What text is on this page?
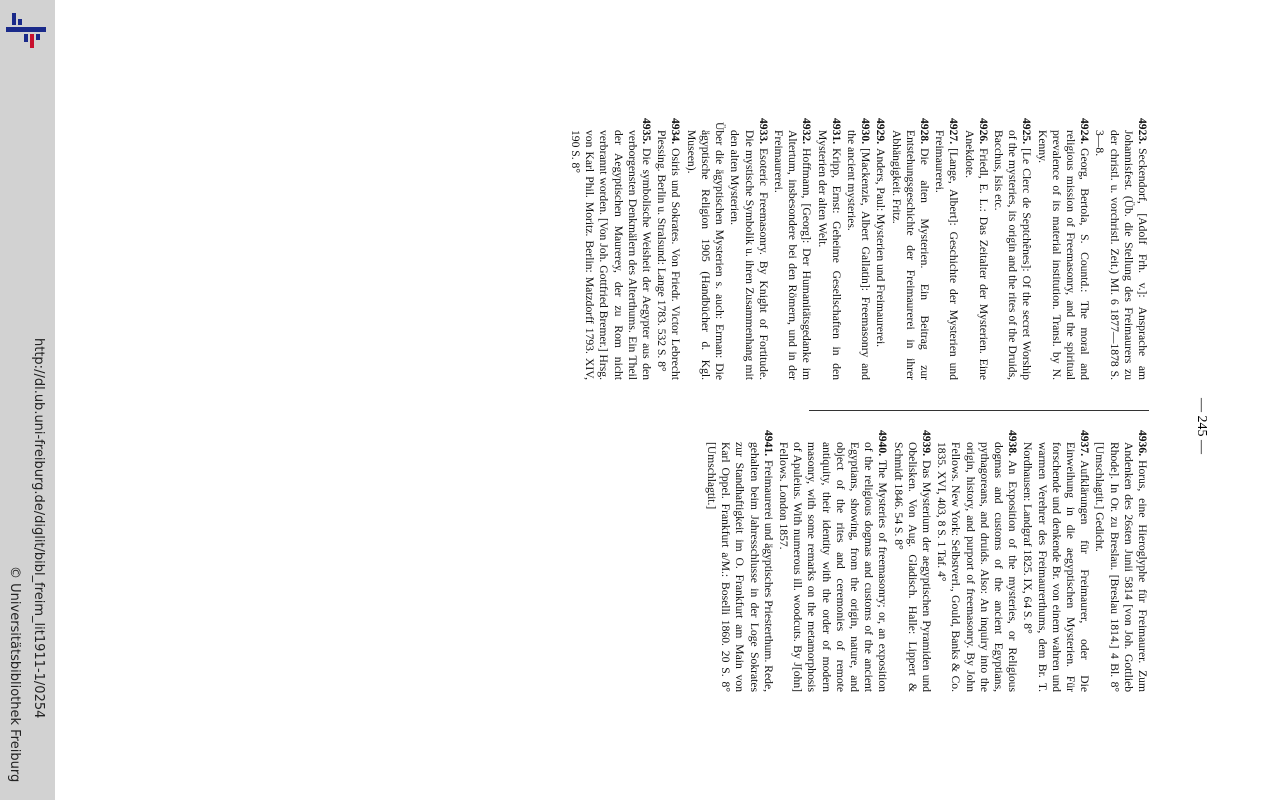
http://dl.ub.uni-freiburg.de/diglit/bibl_freim_lit1911-1/0254
© Universitätsbibliothek Freiburg
— 245 —

4923.Seckendorf, [Adolf Frh. v.]: Ansprache am Johannisfest. (Üb. die Stellung des Freimaurers zu der christl. u. vorchristl. Zeit.) MI. 6 1877—1878 S. 3—8.

4924.Georg, Bertola, S. Countd.: The moral and religious mission of Freemasonry, and the spiritual prevalence of its material institution. Transl. by N. Kenny.

4925.[Le Clerc de Septchênes]: Of the secret Worship of the mysteries, its origin and the rites of the Druids, Bacchus, Isis etc.

4926.Friedl, E. L.: Das Zeitalter der Mysterien. Eine Anekdote.

4927.[Lange, Albert]: Geschichte der Mysterien und Freimaurerei.

4928.Die alten Mysterien. Ein Beitrag zur Entstehungsgeschichte der Freimaurerei in ihrer Abhängigkeit. Fritz.

4929.Anders, Paul: Mysterien und Freimaurerei.

4930.[Mackenzie, Albert Gallatin]: Freemasonry and the ancient mysteries.

4931.Kripp, Ernst: Geheime Gesellschaften in den Mysterien der alten Welt.

4932.Hoffmann, [Georg]: Der Humanitätsgedanke im Altertum, insbesondere bei den Römern, und in der Freimaurerei.

4933.Esoteric Freemasonry. By Knight of Fortitude. Die mystische Symbolik u. ihren Zusammenhang mit den alten Mysterien.

Über die ägyptischen Mysterien s. auch: Erman: Die ägyptische Religion 1905 (Handbücher d. Kgl. Museen).

4934.Osiris und Sokrates. Von Friedr. Victor Lebrecht Plessing. Berlin u. Stralsund: Lange 1783. 532 S. 8°

4935.Die symbolische Weisheit der Aegypter aus den verborgensten Denkmälern des Alterthums. Ein Theil der Aegyptischen Maurerey, der zu Rom nicht verbrannt worden. [Von Joh. Gottfried Bremer.] Hrsg. von Karl Phil. Moritz. Berlin: Matzdorff 1793. XIV, 190 S. 8°

4936.Horus, eine Hieroglyphe für Freimaurer. Zum Andenken des 26sten Junii 5814 [von Joh. Gottlieb Rhode]. In Or. zu Breslau. [Breslau 1814.] 4 Bl. 8° [Umschlagtit.] Gedicht.

4937.Aufklärungen für Freimaurer, oder Die Einweihung in die aegyptischen Mysterien. Für forschende und denkende Br. von einem wahren und warmen Verehrer des Freimaurerthums, dem Br. T. Nordhausen: Landgraf 1825. IX, 64 S. 8°

4938.An Exposition of the mysteries, or Religious dogmas and customs of the ancient Egyptians, pythagoreans, and druids. Also: An inquiry into the origin, history, and purport of freemasonry. By John Fellows. New York: Selbstverl., Gould, Banks & Co. 1835. XVI, 403, 8 S. 1 Taf. 4°

4939.Das Mysterium der aegyptischen Pyramiden und Obelisken. Von Aug. Gladisch. Halle: Lippert & Schmidt 1846. 54 S. 8°

4940.The Mysteries of freemasonry; or, an exposition of the religious dogmas and customs of the ancient Egyptians, showing, from the origin, nature, and object of the rites and ceremonies of remote antiquity, their identity with the order of modern masonry, with some remarks on the metamorphosis of Apuleius. With numerous ill. woodcuts. By J[ohn] Fellows. London 1857.

4941.Freimaurerei und ägyptisches Priesterthum. Rede, gehalten beim Jahresschlusse in der Loge Sokrates zur Standhaftigkeit im O. Frankfurt am Main von Karl Oppel. Frankfurt a/M.: Boselli 1860. 20 S. 8° [Umschlagtit.]
